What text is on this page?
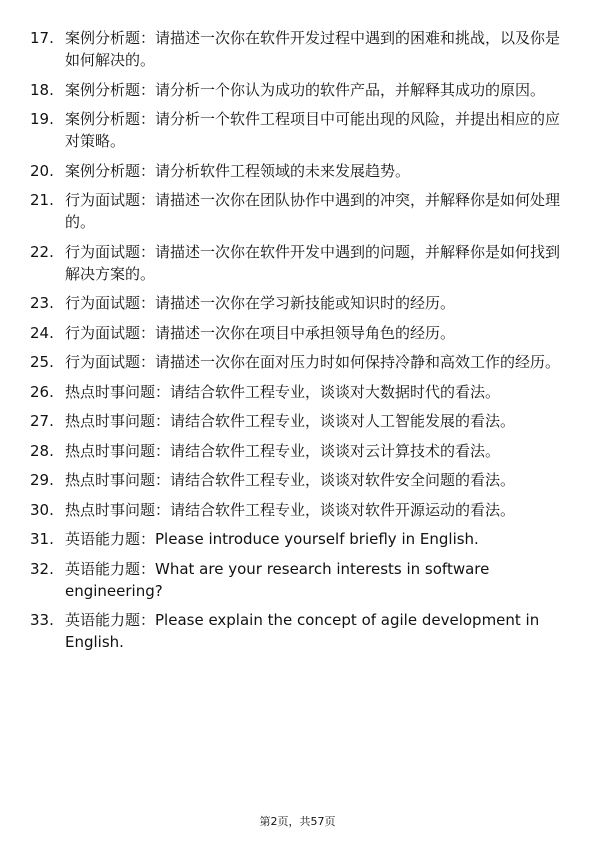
17. 案例分析题：请描述一次你在软件开发过程中遇到的困难和挑战，以及你是如何解决的。
18. 案例分析题：请分析一个你认为成功的软件产品，并解释其成功的原因。
19. 案例分析题：请分析一个软件工程项目中可能出现的风险，并提出相应的应对策略。
20. 案例分析题：请分析软件工程领域的未来发展趋势。
21. 行为面试题：请描述一次你在团队协作中遇到的冲突，并解释你是如何处理的。
22. 行为面试题：请描述一次你在软件开发中遇到的问题，并解释你是如何找到解决方案的。
23. 行为面试题：请描述一次你在学习新技能或知识时的经历。
24. 行为面试题：请描述一次你在项目中承担领导角色的经历。
25. 行为面试题：请描述一次你在面对压力时如何保持冷静和高效工作的经历。
26. 热点时事问题：请结合软件工程专业，谈谈对大数据时代的看法。
27. 热点时事问题：请结合软件工程专业，谈谈对人工智能发展的看法。
28. 热点时事问题：请结合软件工程专业，谈谈对云计算技术的看法。
29. 热点时事问题：请结合软件工程专业，谈谈对软件安全问题的看法。
30. 热点时事问题：请结合软件工程专业，谈谈对软件开源运动的看法。
31. 英语能力题：Please introduce yourself briefly in English.
32. 英语能力题：What are your research interests in software engineering?
33. 英语能力题：Please explain the concept of agile development in English.
第2页，共57页
